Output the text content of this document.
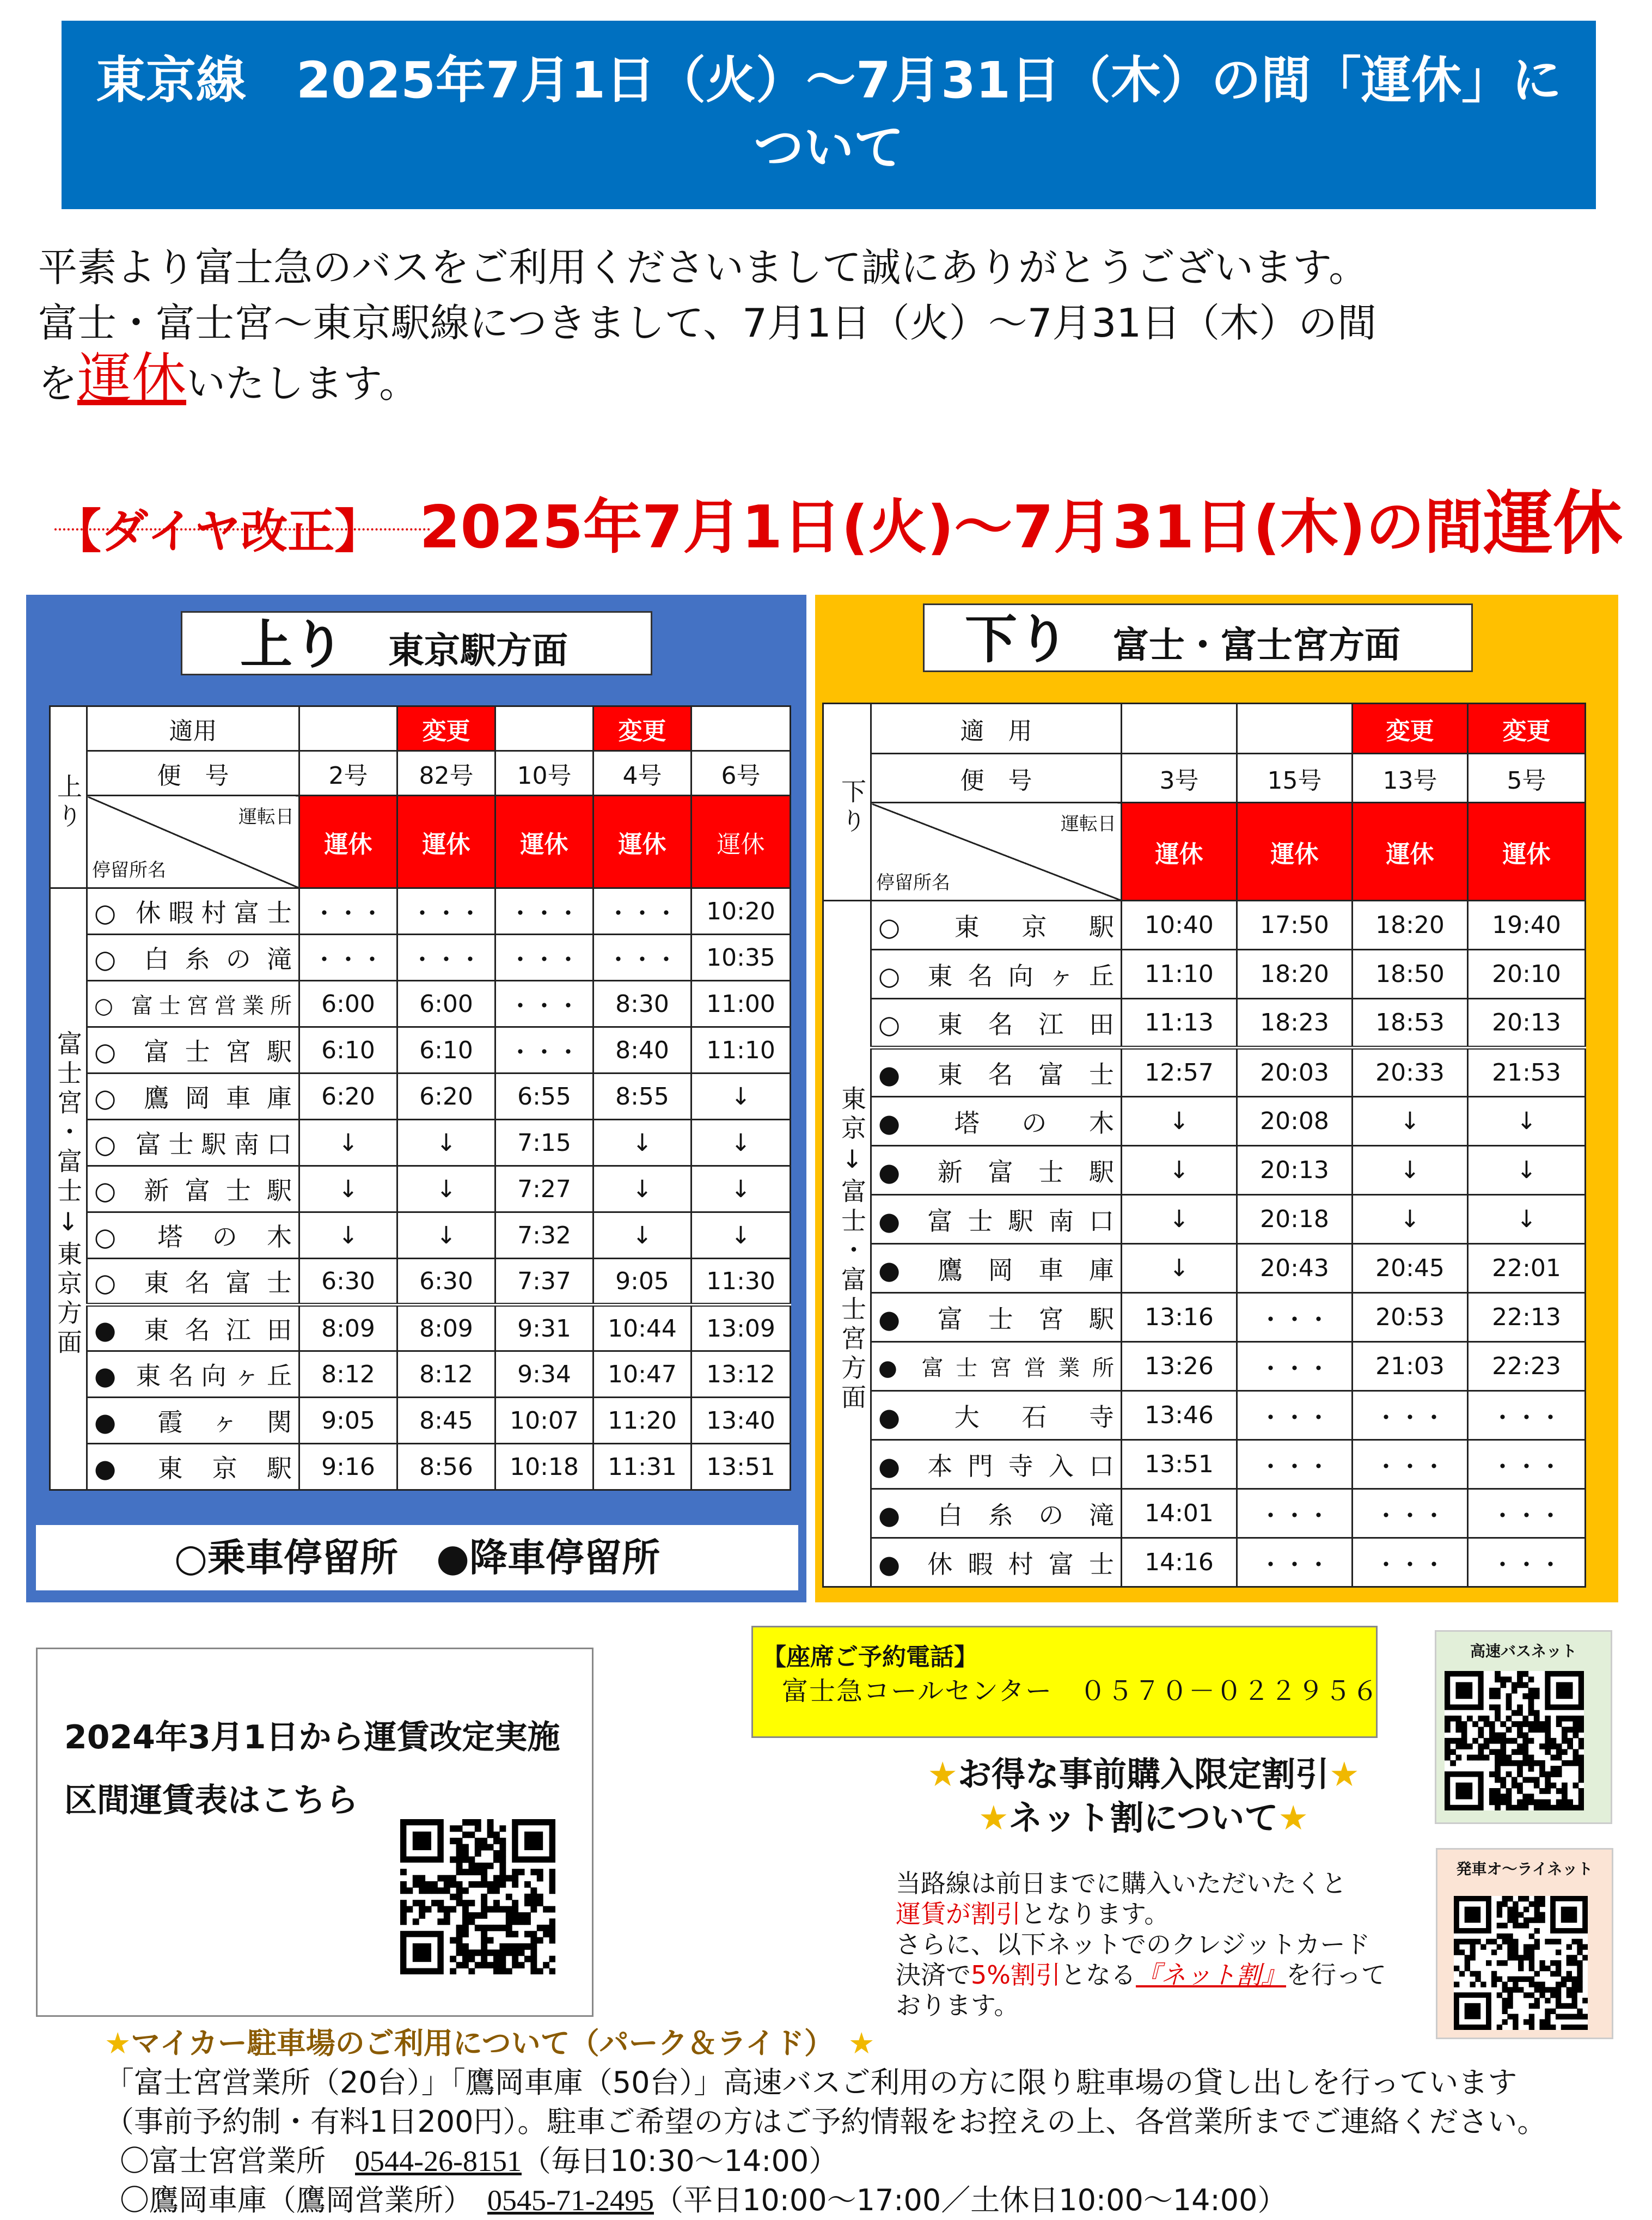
東京線　2025年7月1日（火）～7月31日（木）の間「運休」に
ついて
平素より富士急のバスをご利用くださいまして誠にありがとうございます。
富士・富士宮～東京駅線につきまして、7月1日（火）～7月31日（木）の間
を運休いたします。
【ダイヤ改正】 2025年7月1日(火)～7月31日(木)の間運休
上り 東京駅方面	下り 富士・富士宮方面
上り	適用		変更		変更	
	便　号	2号	82号	10号	4号	6号

	運転日
停留所名	運休	運休	運休	運休	運休
富士宮・富士↓東京方面	○ 休暇村富士	・・・	・・・	・・・	・・・	10:20
	○ 白糸の滝	・・・	・・・	・・・	・・・	10:35
	○ 富士宮営業所	6:00	6:00	・・・	8:30	11:00
	○ 富士宮駅	6:10	6:10	・・・	8:40	11:10
	○ 鷹岡車庫	6:20	6:20	6:55	8:55	↓
	○ 富士駅南口	↓	↓	7:15	↓	↓
	○ 新富士駅	↓	↓	7:27	↓	↓
	○ 塔の木	↓	↓	7:32	↓	↓
	○ 東名富士	6:30	6:30	7:37	9:05	11:30
	● 東名江田	8:09	8:09	9:31	10:44	13:09
	● 東名向ヶ丘	8:12	8:12	9:34	10:47	13:12
	● 霞ヶ関	9:05	8:45	10:07	11:20	13:40
	● 東京駅	9:16	8:56	10:18	11:31	13:51
下り	適　用			変更	変更
	便　号	3号	15号	13号	5号

	運転日
停留所名	運休	運休	運休	運休
東京↓富士・富士宮方面	○ 東京駅	10:40	17:50	18:20	19:40
	○ 東名向ヶ丘	11:10	18:20	18:50	20:10
	○ 東名江田	11:13	18:23	18:53	20:13
	● 東名富士	12:57	20:03	20:33	21:53
	● 塔の木	↓	20:08	↓	↓
	● 新富士駅	↓	20:13	↓	↓
	● 富士駅南口	↓	20:18	↓	↓
	● 鷹岡車庫	↓	20:43	20:45	22:01
	● 富士宮駅	13:16	・・・	20:53	22:13
	● 富士宮営業所	13:26	・・・	21:03	22:23
	● 大石寺	13:46	・・・	・・・	・・・
	● 本門寺入口	13:51	・・・	・・・	・・・
	● 白糸の滝	14:01	・・・	・・・	・・・
	● 休暇村富士	14:16	・・・	・・・	・・・
○乗車停留所　●降車停留所
2024年3月1日から運賃改定実施
区間運賃表はこちら
【座席ご予約電話】
富士急コールセンター　０５７０－０２２９５６
★お得な事前購入限定割引★
★ネット割について★
当路線は前日までに購入いただいたくと
運賃が割引となります。
さらに、以下ネットでのクレジットカード
決済で5%割引となる『ネット割』を行って
おります。
高速バスネット
発車オ～ライネット
★マイカー駐車場のご利用について（パーク＆ライド）　★
「富士宮営業所（20台）」「鷹岡車庫（50台）」高速バスご利用の方に限り駐車場の貸し出しを行っています
（事前予約制・有料1日200円）。駐車ご希望の方はご予約情報をお控えの上、各営業所までご連絡ください。
〇富士宮営業所　 0544-26-8151（毎日10:30～14:00）
〇鷹岡車庫（鷹岡営業所）　 0545-71-2495（平日10:00～17:00／土休日10:00～14:00）
